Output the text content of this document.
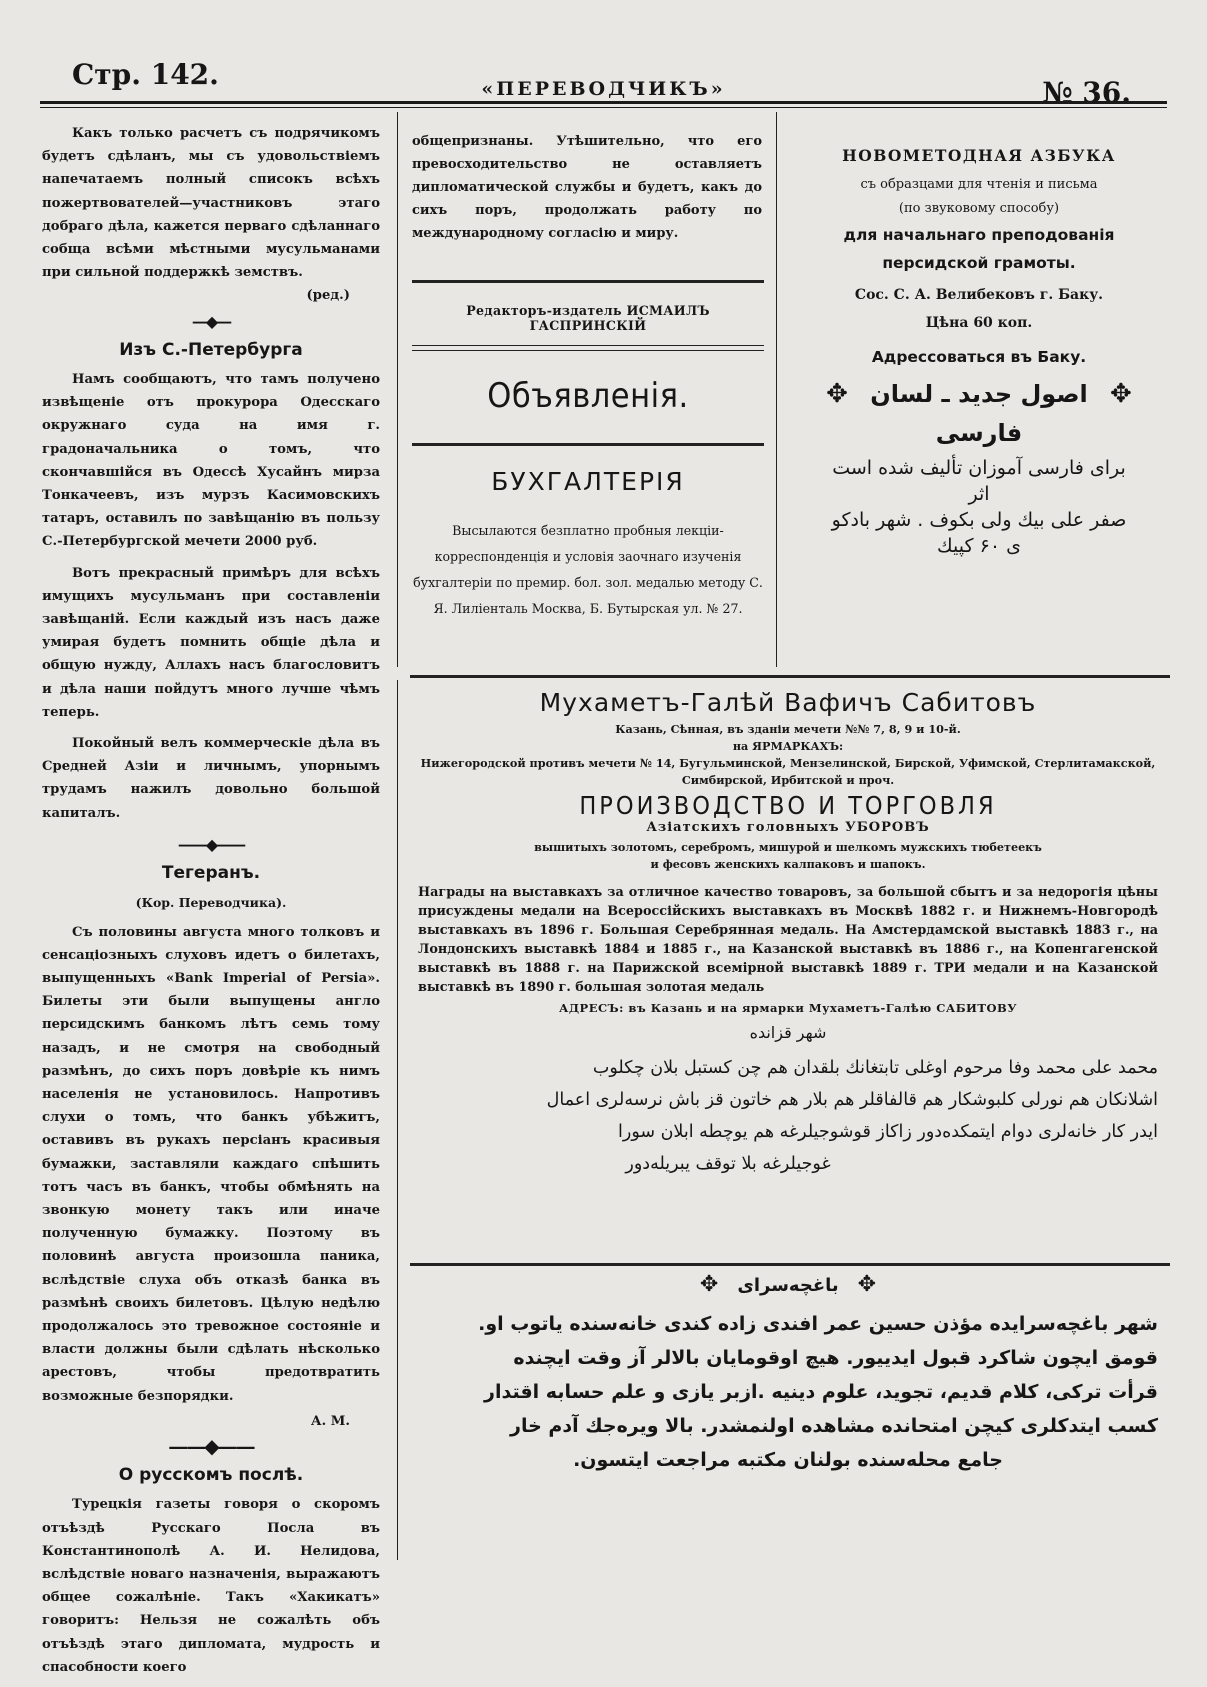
Стр. 142.	«ПЕРЕВОДЧИКЪ»	№ 36.

Какъ только расчетъ съ подрячикомъ будетъ сдѣланъ, мы съ удовольствіемъ напечатаемъ полный списокъ всѣхъ пожертвователей—участниковъ этаго добраго дѣла, кажется перваго сдѣланнаго собща всѣми мѣстными мусульманами при сильной поддержкѣ земствъ.

(ред.)
—◆—
Изъ С.-Петербурга

Намъ сообщаютъ, что тамъ получено извѣщеніе отъ прокурора Одесскаго окружнаго суда на имя г. градоначальника о томъ, что скончавшійся въ Одессѣ Хусайнъ мирза Тонкачеевъ, изъ мурзъ Касимовскихъ татаръ, оставилъ по завѣщанію въ пользу С.-Петербургской мечети 2000 руб.

Вотъ прекрасный примѣръ для всѣхъ имущихъ мусульманъ при составленіи завѣщаній. Если каждый изъ насъ даже умирая будетъ помнить общіе дѣла и общую нужду, Аллахъ насъ благословитъ и дѣла наши пойдутъ много лучше чѣмъ теперь.

Покойный велъ коммерческіе дѣла въ Средней Азіи и личнымъ, упорнымъ трудамъ нажилъ довольно большой капиталъ.

——◆——
Тегеранъ.
(Кор. Переводчика).

Съ половины августа много толковъ и сенсаціозныхъ слуховъ идетъ о билетахъ, выпущенныхъ «Bank Imperial of Persia». Билеты эти были выпущены англо персидскимъ банкомъ лѣтъ семь тому назадъ, и не смотря на свободный размѣнъ, до сихъ поръ довѣріе къ нимъ населенія не установилось. Напротивъ слухи о томъ, что банкъ убѣжитъ, оставивъ въ рукахъ персіанъ красивыя бумажки, заставляли каждаго спѣшить тотъ часъ въ банкъ, чтобы обмѣнять на звонкую монету такъ или иначе полученную бумажку. Поэтому въ половинѣ августа произошла паника, вслѣдствіе слуха объ отказѣ банка въ размѣнѣ своихъ билетовъ. Цѣлую недѣлю продолжалось это тревожное состояніе и власти должны были сдѣлать нѣсколько арестовъ, чтобы предотвратить возможные безпорядки.

А. М.
——◆——
О русскомъ послѣ.

Турецкія газеты говоря о скоромъ отъѣздѣ Русскаго Посла въ Константинополѣ А. И. Нелидова, вслѣдствіе новаго назначенія, выражаютъ общее сожалѣніе. Такъ «Хакикатъ» говоритъ: Нельзя не сожалѣть объ отъѣздѣ этаго дипломата, мудрость и спасобности коего

общепризнаны. Утѣшительно, что его превосходительство не оставляетъ дипломатической службы и будетъ, какъ до сихъ поръ, продолжать работу по международному согласію и миру.

Редакторъ-издатель ИСМАИЛЪ ГАСПРИНСКІЙ
Объявленія.
БУХГАЛТЕРІЯ
Высылаются безплатно пробныя лекціи-корреспонденція и условія заочнаго изученія бухгалтеріи по премир. бол. зол. медалью методу С. Я. Лиліенталь Москва, Б. Бутырская ул. № 27.
НОВОМЕТОДНАЯ АЗБУКА
съ образцами для чтенія и письма
(по звуковому способу)
для начальнаго преподованія персидской грамоты.
Сос. С. А. Велибековъ г. Баку.
Цѣна 60 коп.
Адрессоваться въ Баку.
✥ اصول جدید ـ لسان ✥
فارسی
برای فارسی آموزان تألیف شده است
اثر
صفر علی بیك ولی بكوف . شهر بادكو
ی ۶۰ كپیك
Мухаметъ-Галѣй Вафичъ Сабитовъ
Казань, Сѣнная, въ зданіи мечети №№ 7, 8, 9 и 10-й.
на ЯРМАРКАХЪ:
Нижегородской противъ мечети № 14, Бугульминской, Мензелинской, Бирской, Уфимской, Стерлитамакской, Симбирской, Ирбитской и проч.
ПРОИЗВОДСТВО И ТОРГОВЛЯ
Азіатскихъ головныхъ УБОРОВЪ
вышитыхъ золотомъ, серебромъ, мишурой и шелкомъ мужскихъ тюбетеекъ
и фесовъ женскихъ калпаковъ и шапокъ.
Награды на выставкахъ за отличное качество товаровъ, за большой сбытъ и за недорогія цѣны присуждены медали на Всероссійскихъ выставкахъ въ Москвѣ 1882 г. и Нижнемъ-Новгородѣ выставкахъ въ 1896 г. Большая Серебрянная медаль. На Амстердамской выставкѣ 1883 г., на Лондонскихъ выставкѣ 1884 и 1885 г., на Казанской выставкѣ въ 1886 г., на Копенгагенской выставкѣ въ 1888 г. на Парижской всемiрной выставкѣ 1889 г. ТРИ медали и на Казанской выставкѣ въ 1890 г. большая золотая медаль
АДРЕСЪ: въ Казань и на ярмарки Мухаметъ-Галѣю САБИТОВУ
شهر قزانده
محمد علی محمد وفا مرحوم اوغلی تابتغانك بلقدان هم چن كستبل بلان چكلوب
اشلانكان هم نورلی كلبوشكار هم قالفاقلر هم بلار هم خاتون قز باش نرسەلری اعمال
ایدر كار خانەلری دوام ایتمكدەدور زاكاز قوشوجیلرغه هم یوچطه ابلان سورا
غوجیلرغه بلا توقف یبریلەدور
✥ باغچەسرای ✥
شهر باغچەسرایده مؤذن حسین عمر افندی زاده كندی خانه‌سنده یاتوب او.
قومق ایچون شاكرد قبول ایدییور. هیچ اوقومایان بالالر آز وقت ایچنده
قرأت تركی، كلام قدیم، تجوید، علوم دینیه .ازبر یازی و علم حسابه اقتدار
كسب ایتدكلری كیچن امتحانده مشاهده اولنمشدر. بالا ویره‌جك آدم خار
جامع محله‌سنده بولنان مكتبه مراجعت ایتسون.
